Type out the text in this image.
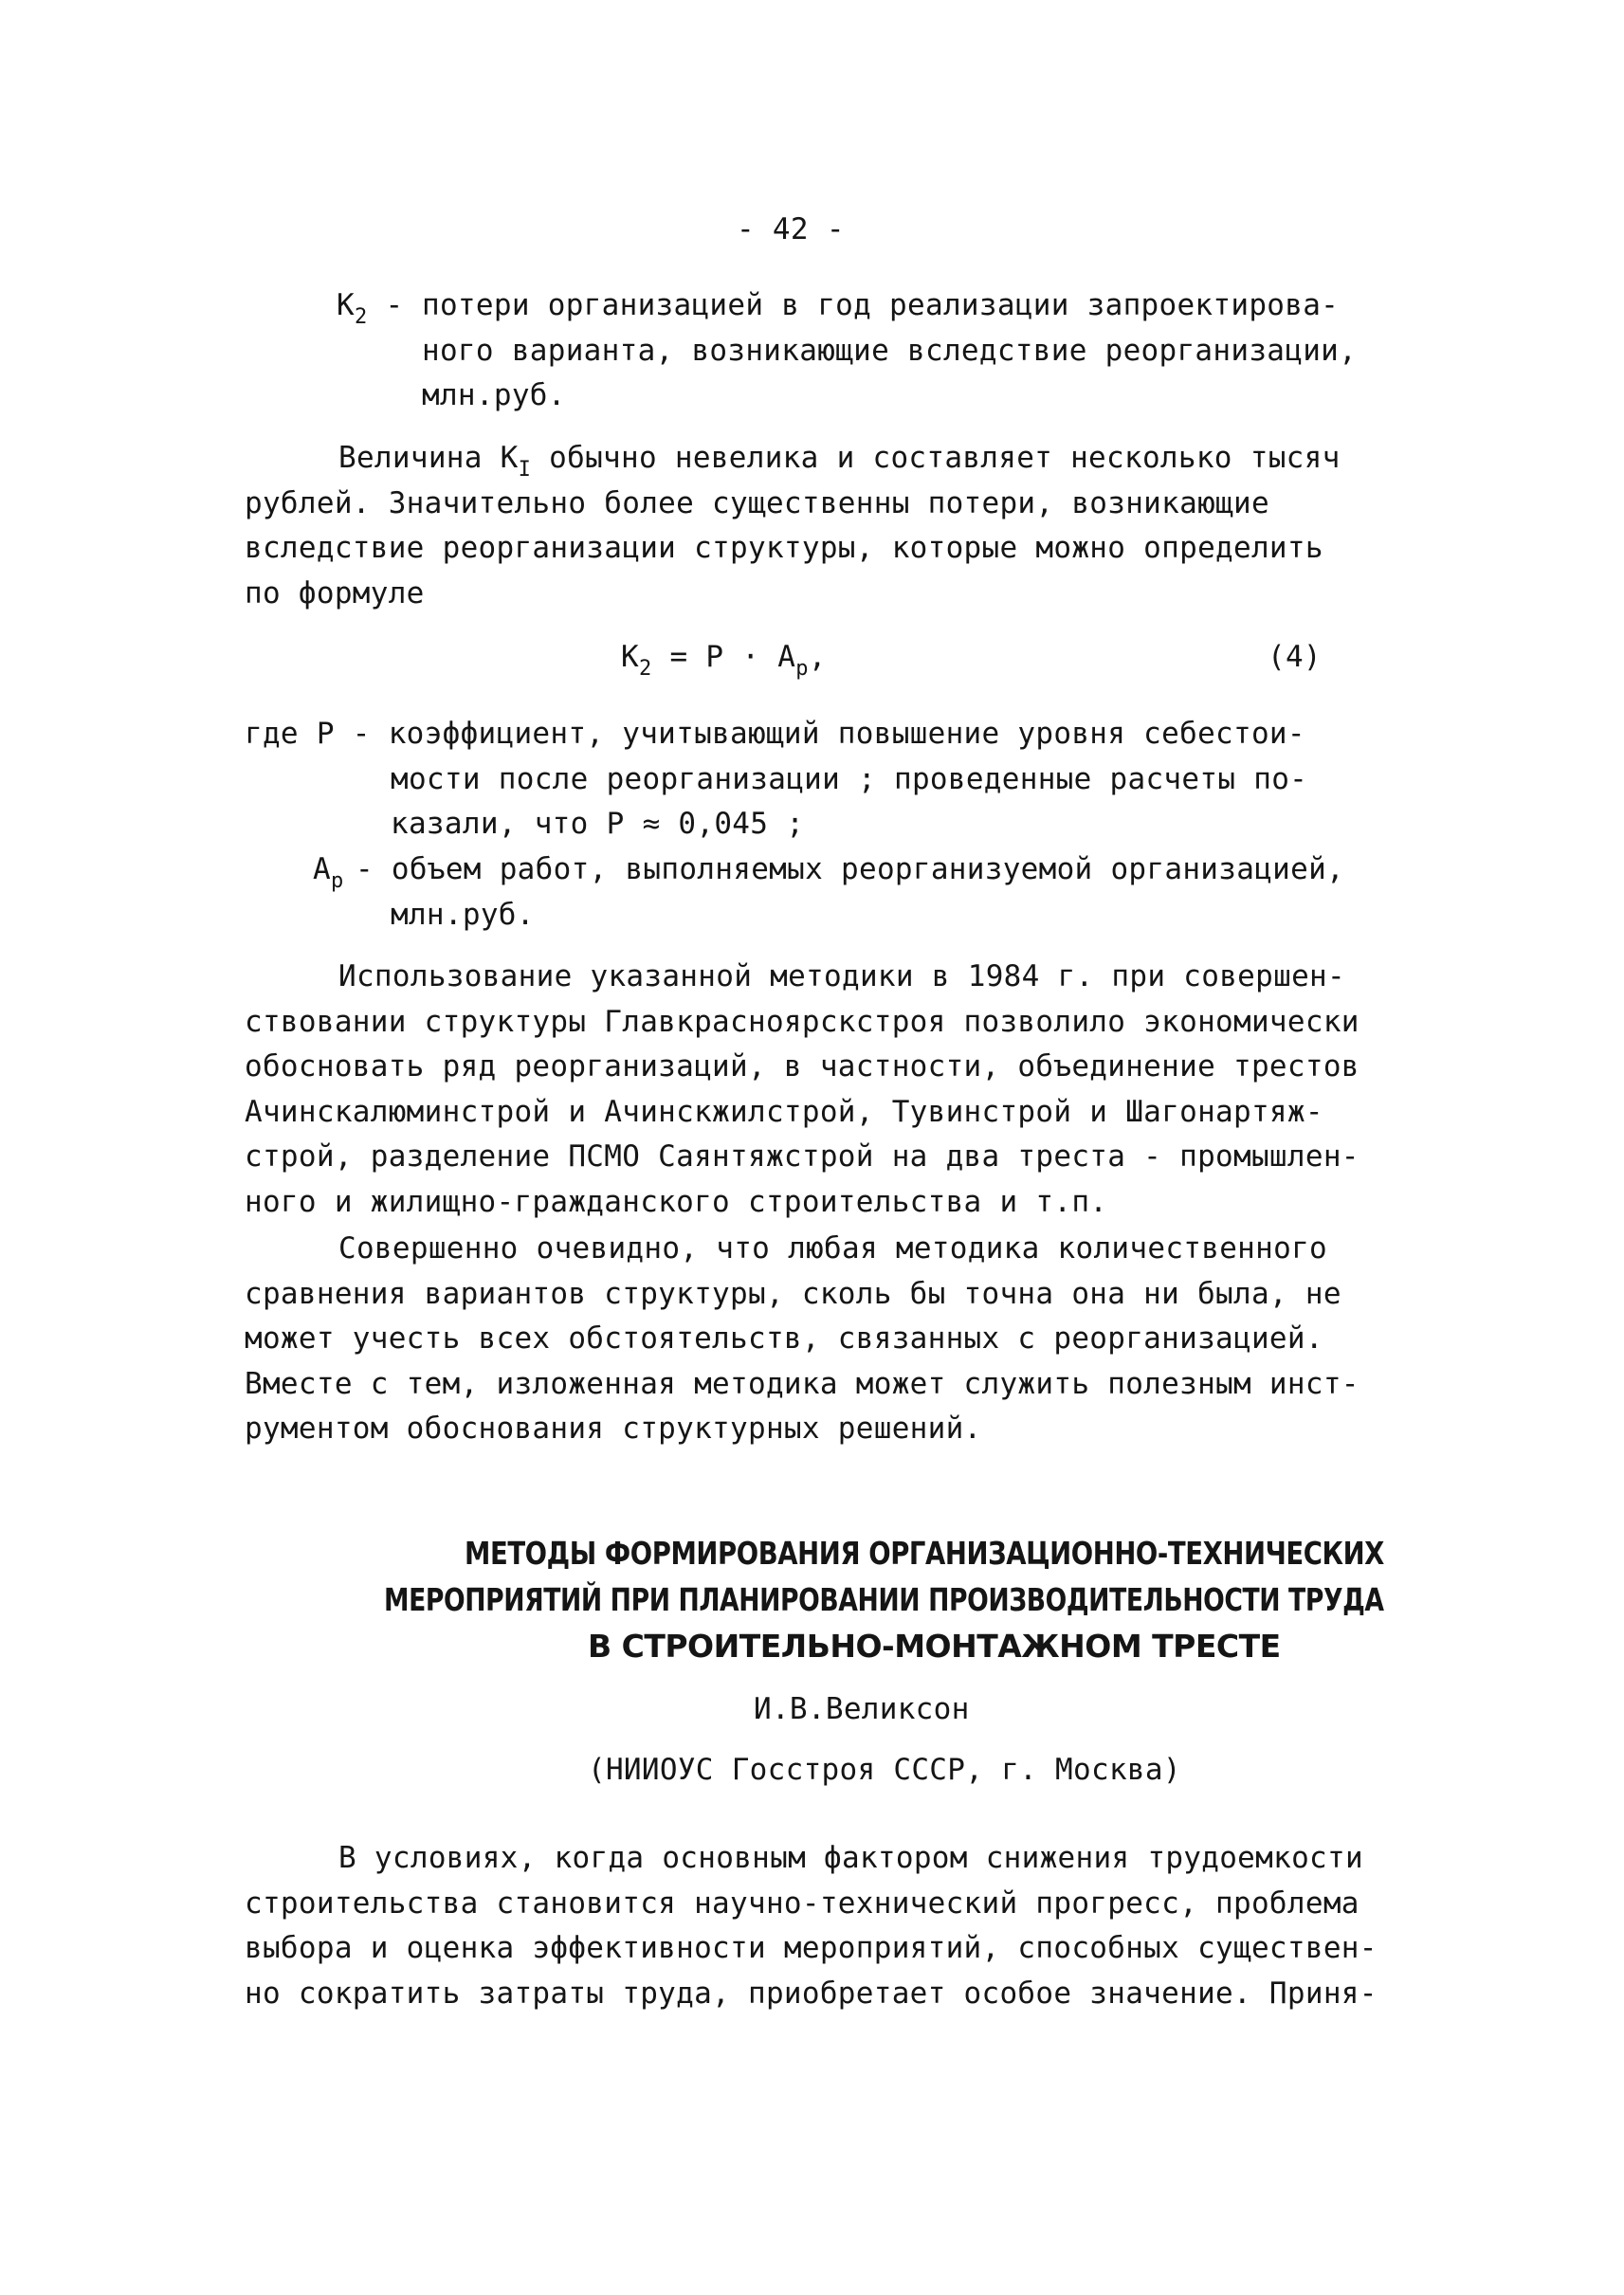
- 42 -
$К_2$ - потери организацией в год реализации запроектирова-
ного варианта, возникающие вследствие реорганизации,
млн.руб.
Величина $К_I$ обычно невелика и составляет несколько тысяч
рублей. Значительно более существенны потери, возникающие
вследствие реорганизации структуры, которые можно определить
по формуле
$К_2 = Р \cdot А_р$,	(4)
где Р - коэффициент, учитывающий повышение уровня себестои-
мости после реорганизации ; проведенные расчеты по-
казали, что Р ≈ 0,045 ;
$А_р$ - объем работ, выполняемых реорганизуемой организацией,
млн.руб.
Использование указанной методики в 1984 г. при совершен-
ствовании структуры Главкрасноярскстроя позволило экономически
обосновать ряд реорганизаций, в частности, объединение трестов
Ачинскалюминстрой и Ачинскжилстрой, Тувинстрой и Шагонартяж-
строй, разделение ПСМО Саянтяжстрой на два треста - промышлен-
ного и жилищно-гражданского строительства и т.п.
Совершенно очевидно, что любая методика количественного
сравнения вариантов структуры, сколь бы точна она ни была, не
может учесть всех обстоятельств, связанных с реорганизацией.
Вместе с тем, изложенная методика может служить полезным инст-
рументом обоснования структурных решений.
МЕТОДЫ ФОРМИРОВАНИЯ ОРГАНИЗАЦИОННО-ТЕХНИЧЕСКИХ
МЕРОПРИЯТИЙ ПРИ ПЛАНИРОВАНИИ ПРОИЗВОДИТЕЛЬНОСТИ ТРУДА
В СТРОИТЕЛЬНО-МОНТАЖНОМ ТРЕСТЕ
И.В.Великсон
(НИИОУС Госстроя СССР, г. Москва)
В условиях, когда основным фактором снижения трудоемкости
строительства становится научно-технический прогресс, проблема
выбора и оценка эффективности мероприятий, способных существен-
но сократить затраты труда, приобретает особое значение. Приня-
